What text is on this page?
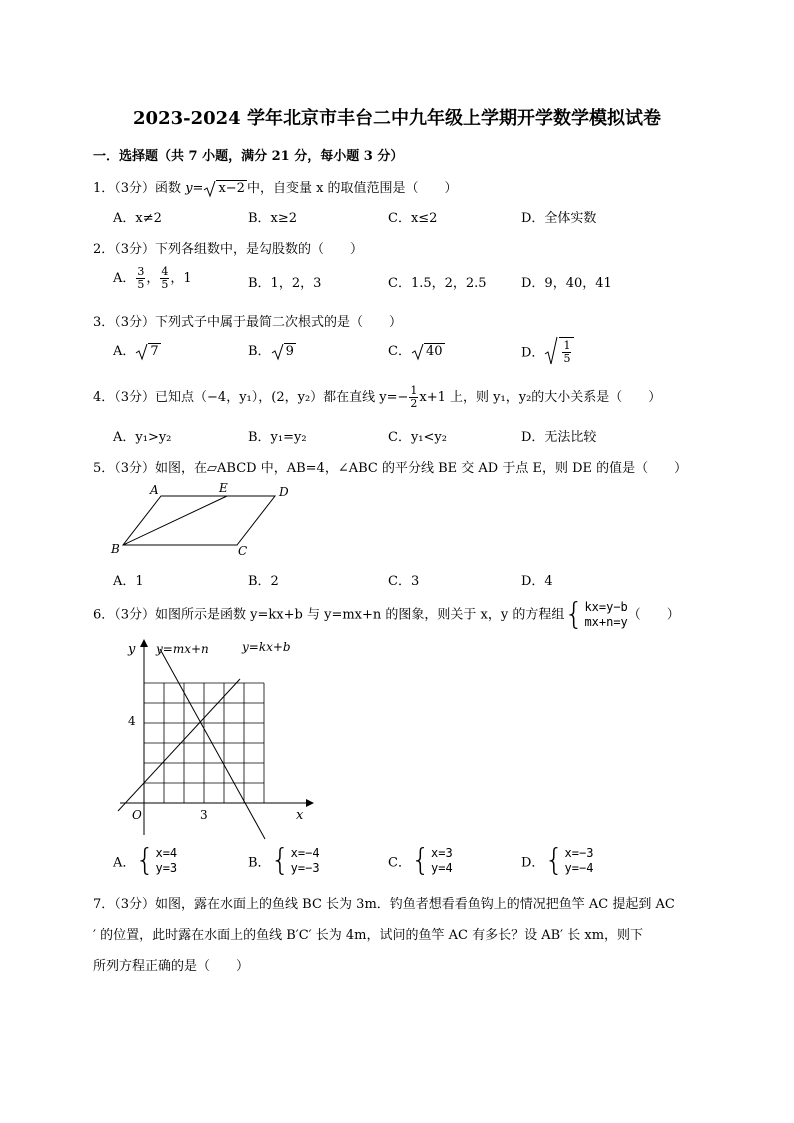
2023-2024 学年北京市丰台二中九年级上学期开学数学模拟试卷
一．选择题（共 7 小题，满分 21 分，每小题 3 分）
1．（3分）函数 y= x−2 中，自变量 x 的取值范围是（　　）
A．x≠2	B．x≥2	C．x≤2	D．全体实数
2．（3分）下列各组数中，是勾股数的（　　）
A． $\frac{3}{5}$ ， $\frac{4}{5}$ ，1	B．1，2，3	C．1.5，2，2.5	D．9，40，41
3．（3分）下列式子中属于最简二次根式的是（　　）
A． 7	B． 9	C． 40	D． $\frac{1}{5}$
4．（3分）已知点（−4，y₁），(2，y₂）都在直线 $y=- \frac{1}{2} x+1$ 上，则 y₁，y₂的大小关系是（　　）
A．y₁>y₂	B．y₁=y₂	C．y₁<y₂	D．无法比较
5．（3分）如图，在▱ABCD 中，AB=4，∠ABC 的平分线 BE 交 AD 于点 E，则 DE 的值是（　　）
A	E	D
B	C
A．1	B．2	C．3	D．4
6．（3分）如图所示是函数 y=kx+b 与 y=mx+n 的图象，则关于 x，y 的方程组 { kx=y−b
mx+n=y （　　）
y
x
O
4
3
y=mx+n	y=kx+b
A． { x=4
y=3	B． { x=−4
y=−3	C． { x=3
y=4	D． { x=−3
y=−4
7．（3分）如图，露在水面上的鱼线 BC 长为 3m．钓鱼者想看看鱼钩上的情况把鱼竿 AC 提起到 AC
′ 的位置，此时露在水面上的鱼线 B′C′ 长为 4m，试问的鱼竿 AC 有多长？设 AB′ 长 xm，则下
所列方程正确的是（　　）
